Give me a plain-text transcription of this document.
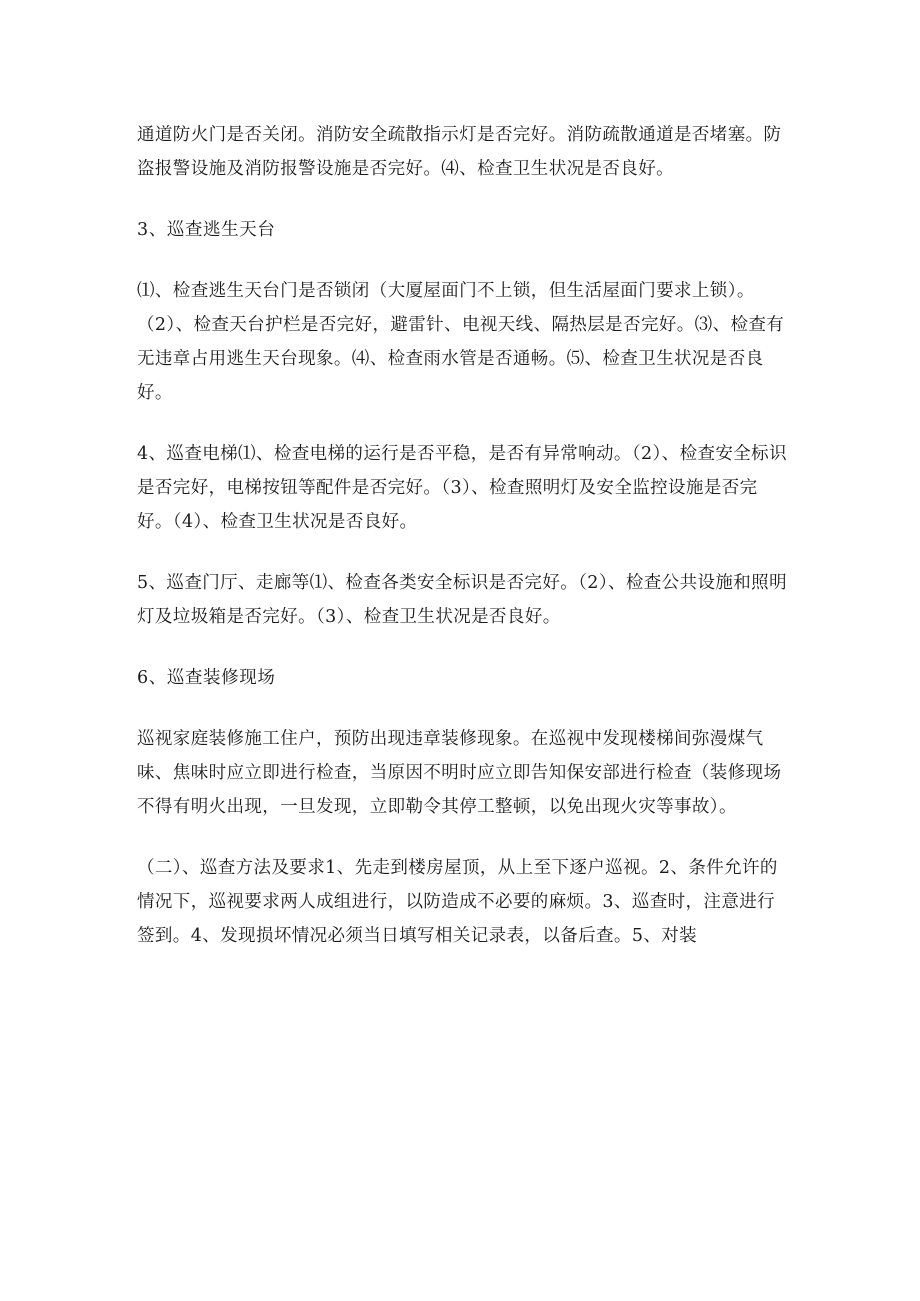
通道防火门是否关闭。消防安全疏散指示灯是否完好。消防疏散通道是否堵塞。防盗报警设施及消防报警设施是否完好。⑷、检查卫生状况是否良好。

3、巡查逃生天台

⑴、检查逃生天台门是否锁闭（大厦屋面门不上锁，但生活屋面门要求上锁）。（2）、检查天台护栏是否完好，避雷针、电视天线、隔热层是否完好。⑶、检查有无违章占用逃生天台现象。⑷、检查雨水管是否通畅。⑸、检查卫生状况是否良好。

4、巡查电梯⑴、检查电梯的运行是否平稳，是否有异常响动。（2）、检查安全标识是否完好，电梯按钮等配件是否完好。（3）、检查照明灯及安全监控设施是否完好。（4）、检查卫生状况是否良好。

5、巡查门厅、走廊等⑴、检查各类安全标识是否完好。（2）、检查公共设施和照明灯及垃圾箱是否完好。（3）、检查卫生状况是否良好。

6、巡查装修现场

巡视家庭装修施工住户，预防出现违章装修现象。在巡视中发现楼梯间弥漫煤气味、焦味时应立即进行检查，当原因不明时应立即告知保安部进行检查（装修现场不得有明火出现，一旦发现，立即勒令其停工整顿，以免出现火灾等事故）。

（二）、巡查方法及要求1、先走到楼房屋顶，从上至下逐户巡视。2、条件允许的情况下，巡视要求两人成组进行，以防造成不必要的麻烦。3、巡查时，注意进行签到。4、发现损坏情况必须当日填写相关记录表，以备后查。5、对装
